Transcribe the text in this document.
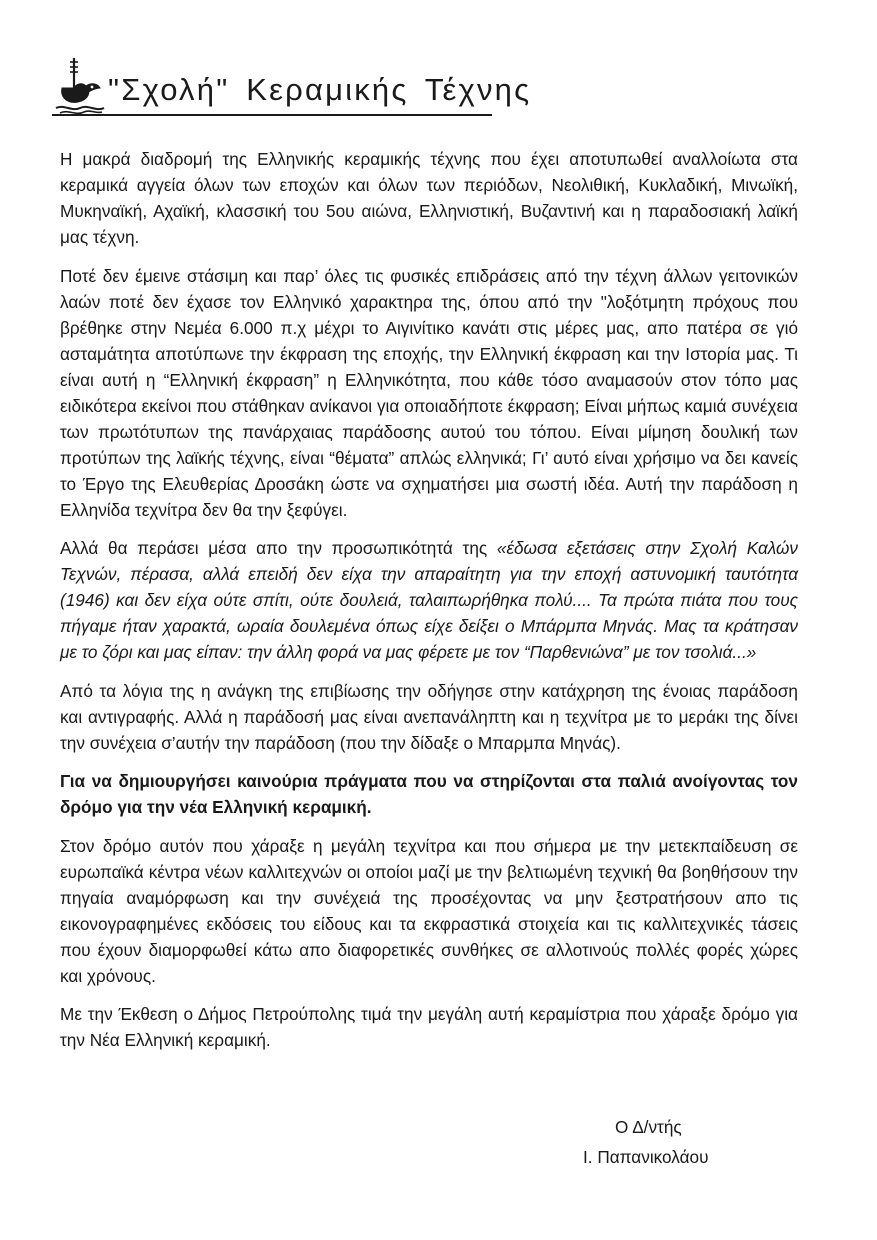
"Σχολή" Κεραμικής Τέχνης

Η μακρά διαδρομή της Ελληνικής κεραμικής τέχνης που έχει αποτυπωθεί αναλλοίωτα στα κεραμικά αγγεία όλων των εποχών και όλων των περιόδων, Νεολιθική, Κυκλαδική, Μινωϊκή, Μυκηναϊκή, Αχαϊκή, κλασσική του 5ου αιώνα, Ελληνιστική, Βυζαντινή και η παραδοσιακή λαϊκή μας τέχνη.

Ποτέ δεν έμεινε στάσιμη και παρ’ όλες τις φυσικές επιδράσεις από την τέχνη άλλων γειτονικών λαών ποτέ δεν έχασε τον Ελληνικό χαρακτηρα της, όπου από την "λοξότμητη πρόχους που βρέθηκε στην Νεμέα 6.000 π.χ μέχρι το Αιγινίτικο κανάτι στις μέρες μας, απο πατέρα σε γιό ασταμάτητα αποτύπωνε την έκφραση της εποχής, την Ελληνική έκφραση και την Ιστορία μας. Τι είναι αυτή η “Ελληνική έκφραση” η Ελληνικότητα, που κάθε τόσο αναμασούν στον τόπο μας ειδικότερα εκείνοι που στάθηκαν ανίκανοι για οποιαδήποτε έκφραση; Είναι μήπως καμιά συνέχεια των πρωτότυπων της πανάρχαιας παράδοσης αυτού του τόπου. Είναι μίμηση δουλική των προτύπων της λαϊκής τέχνης, είναι “θέματα” απλώς ελληνικά; Γι’ αυτό είναι χρήσιμο να δει κανείς το Έργο της Ελευθερίας Δροσάκη ώστε να σχηματήσει μια σωστή ιδέα. Αυτή την παράδοση η Ελληνίδα τεχνίτρα δεν θα την ξεφύγει.

Αλλά θα περάσει μέσα απο την προσωπικότητά της «έδωσα εξετάσεις στην Σχολή Καλών Τεχνών, πέρασα, αλλά επειδή δεν είχα την απαραίτητη για την εποχή αστυνομική ταυτότητα (1946) και δεν είχα ούτε σπίτι, ούτε δουλειά, ταλαιπωρήθηκα πολύ.... Τα πρώτα πιάτα που τους πήγαμε ήταν χαρακτά, ωραία δουλεμένα όπως είχε δείξει ο Μπάρμπα Μηνάς. Μας τα κράτησαν με το ζόρι και μας είπαν: την άλλη φορά να μας φέρετε με τον “Παρθενιώνα” με τον τσολιά...»

Από τα λόγια της η ανάγκη της επιβίωσης την οδήγησε στην κατάχρηση της ένοιας παράδοση και αντιγραφής. Αλλά η παράδοσή μας είναι ανεπανάληπτη και η τεχνίτρα με το μεράκι της δίνει την συνέχεια σ’αυτήν την παράδοση (που την δίδαξε ο Μπαρμπα Μηνάς).

Για να δημιουργήσει καινούρια πράγματα που να στηρίζονται στα παλιά ανοίγοντας τον δρόμο για την νέα Ελληνική κεραμική.

Στον δρόμο αυτόν που χάραξε η μεγάλη τεχνίτρα και που σήμερα με την μετεκπαίδευση σε ευρωπαϊκά κέντρα νέων καλλιτεχνών οι οποίοι μαζί με την βελτιωμένη τεχνική θα βοηθήσουν την πηγαία αναμόρφωση και την συνέχειά της προσέχοντας να μην ξεστρατήσουν απο τις εικονογραφημένες εκδόσεις του είδους και τα εκφραστικά στοιχεία και τις καλλιτεχνικές τάσεις που έχουν διαμορφωθεί κάτω απο διαφορετικές συνθήκες σε αλλοτινούς πολλές φορές χώρες και χρόνους.

Με την Έκθεση ο Δήμος Πετρούπολης τιμά την μεγάλη αυτή κεραμίστρια που χάραξε δρόμο για την Νέα Ελληνική κεραμική.

Ο Δ/ντής
Ι. Παπανικολάου
